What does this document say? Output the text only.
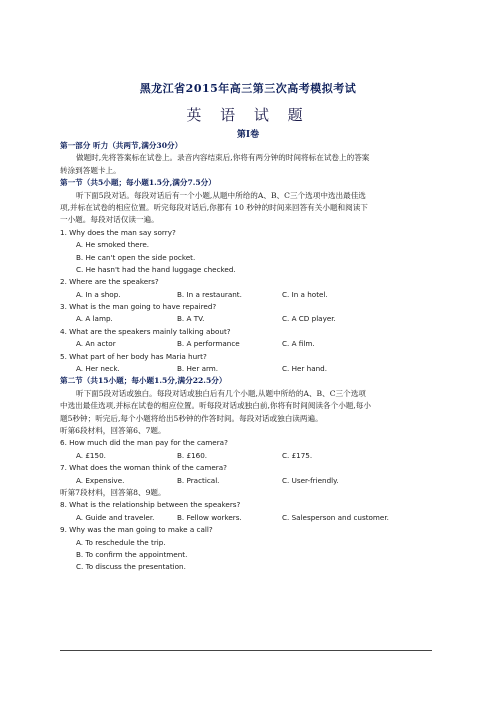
黑龙江省2015年高三第三次高考模拟考试
英 语 试 题
第I卷
第一部分 听力（共两节,满分30分）
做题时,先将答案标在试卷上。录音内容结束后,你将有两分钟的时间将标在试卷上的答案
转涂到答题卡上。
第一节（共5小题；每小题1.5分,满分7.5分）
听下面5段对话。每段对话后有一个小题,从题中所给的A、B、C三个选项中选出最佳选
项,并标在试卷的相应位置。听完每段对话后,你都有 10 秒钟的时间来回答有关小题和阅读下
一小题。每段对话仅读一遍。
1. Why does the man say sorry?
A. He smoked there.
B. He can't open the side pocket.
C. He hasn't had the hand luggage checked.
2. Where are the speakers?
A. In a shop.	B. In a restaurant.	C. In a hotel.
3. What is the man going to have repaired?
A. A lamp.	B. A TV.	C. A CD player.
4. What are the speakers mainly talking about?
A. An actor	B. A performance	C. A film.
5. What part of her body has Maria hurt?
A. Her neck.	B. Her arm.	C. Her hand.
第二节（共15小题；每小题1.5分,满分22.5分）
听下面5段对话或独白。每段对话或独白后有几个小题,从题中所给的A、B、C三个选项
中选出最佳选项,并标在试卷的相应位置。听每段对话或独白前,你将有时间阅读各个小题,每小
题5秒钟；听完后,每个小题将给出5秒钟的作答时间。每段对话或独白读两遍。
听第6段材料，回答第6、7题。
6. How much did the man pay for the camera?
A. £150.	B. £160.	C. £175.
7. What does the woman think of the camera?
A. Expensive.	B. Practical.	C. User-friendly.
听第7段材料，回答第8、9题。
8. What is the relationship between the speakers?
A. Guide and traveler.	B. Fellow workers.	C. Salesperson and customer.
9. Why was the man going to make a call?
A. To reschedule the trip.
B. To confirm the appointment.
C. To discuss the presentation.
